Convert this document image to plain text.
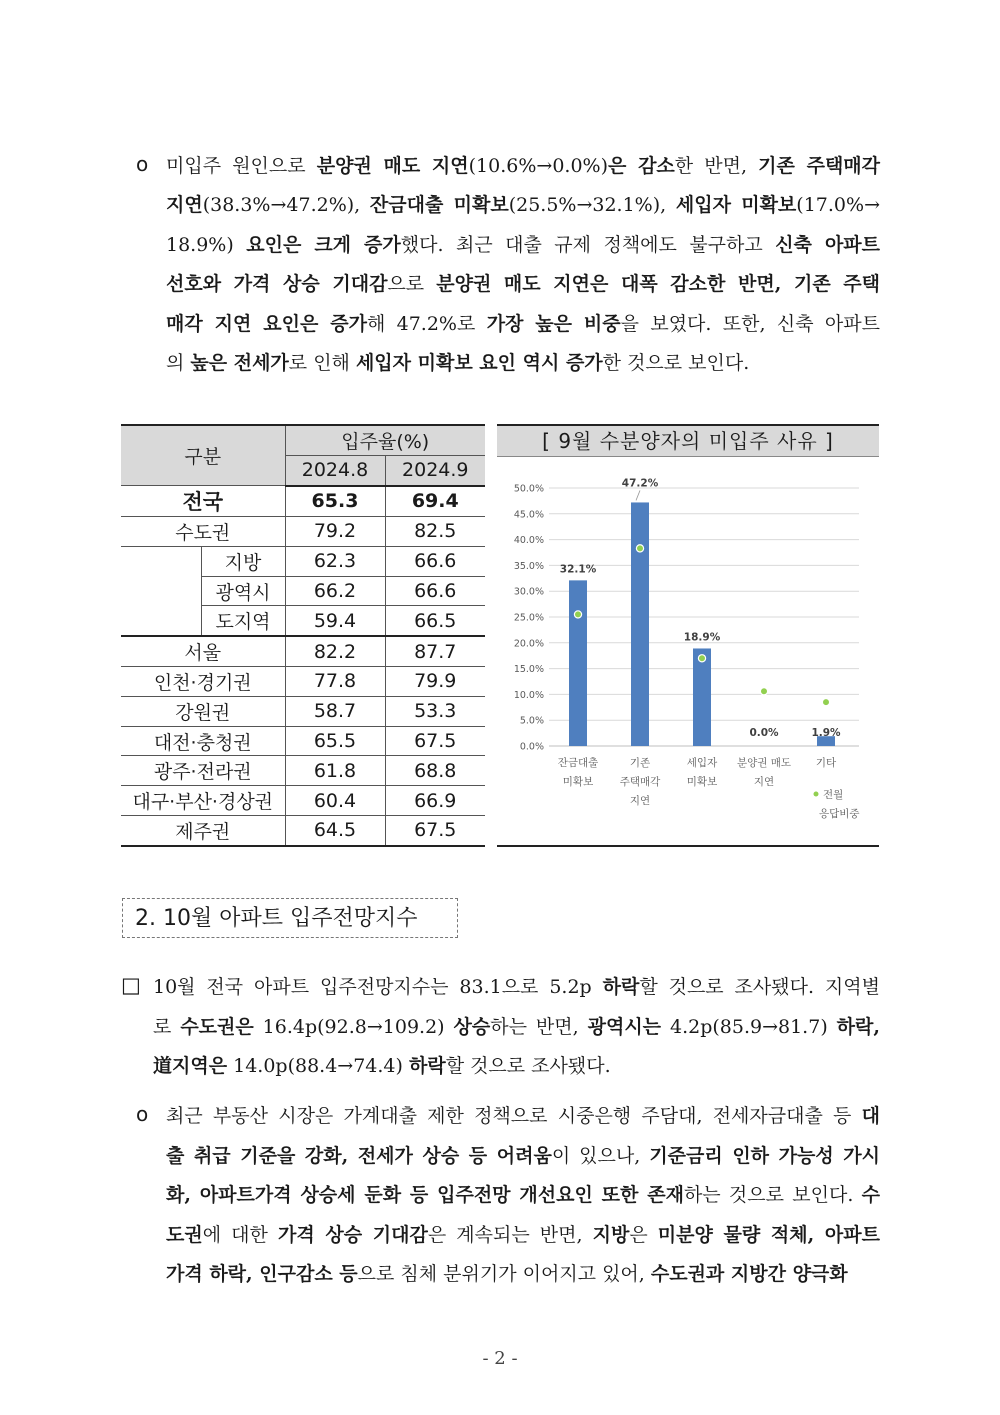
o 미입주 원인으로 분양권 매도 지연(10.6%→0.0%)은 감소한 반면, 기존 주택매각
지연(38.3%→47.2%), 잔금대출 미확보(25.5%→32.1%), 세입자 미확보(17.0%→
18.9%) 요인은 크게 증가했다. 최근 대출 규제 정책에도 불구하고 신축 아파트
선호와 가격 상승 기대감으로 분양권 매도 지연은 대폭 감소한 반면, 기존 주택
매각 지연 요인은 증가해 47.2%로 가장 높은 비중을 보였다. 또한, 신축 아파트
의 높은 전세가로 인해 세입자 미확보 요인 역시 증가한 것으로 보인다.
구분		입주율(%)	
		2024.8	2024.9
전국		65.3	69.4
수도권		79.2	82.5
	지방	62.3	66.6
	광역시	66.2	66.6
	도지역	59.4	66.5
서울		82.2	87.7
인천·경기권		77.8	79.9
강원권		58.7	53.3
대전·충청권		65.5	67.5
광주·전라권		61.8	68.8
대구·부산·경상권		60.4	66.9
제주권		64.5	67.5
[ 9월 수분양자의 미입주 사유 ]
0.0%
5.0%
10.0%
15.0%
20.0%
25.0%
30.0%
35.0%
40.0%
45.0%
50.0%
32.1%
잔금대출
미확보
47.2%
기존
주택매각
지연
18.9%
세입자
미확보
0.0%
분양권 매도
지연
1.9%
기타
전월
응답비중
2. 10월 아파트 입주전망지수
□ 10월 전국 아파트 입주전망지수는 83.1으로 5.2p 하락할 것으로 조사됐다. 지역별
로 수도권은 16.4p(92.8→109.2) 상승하는 반면, 광역시는 4.2p(85.9→81.7) 하락,
道지역은 14.0p(88.4→74.4) 하락할 것으로 조사됐다.
o 최근 부동산 시장은 가계대출 제한 정책으로 시중은행 주담대, 전세자금대출 등 대
출 취급 기준을 강화, 전세가 상승 등 어려움이 있으나, 기준금리 인하 가능성 가시
화, 아파트가격 상승세 둔화 등 입주전망 개선요인 또한 존재하는 것으로 보인다. 수
도권에 대한 가격 상승 기대감은 계속되는 반면, 지방은 미분양 물량 적체, 아파트
가격 하락, 인구감소 등으로 침체 분위기가 이어지고 있어, 수도권과 지방간 양극화
- 2 -
